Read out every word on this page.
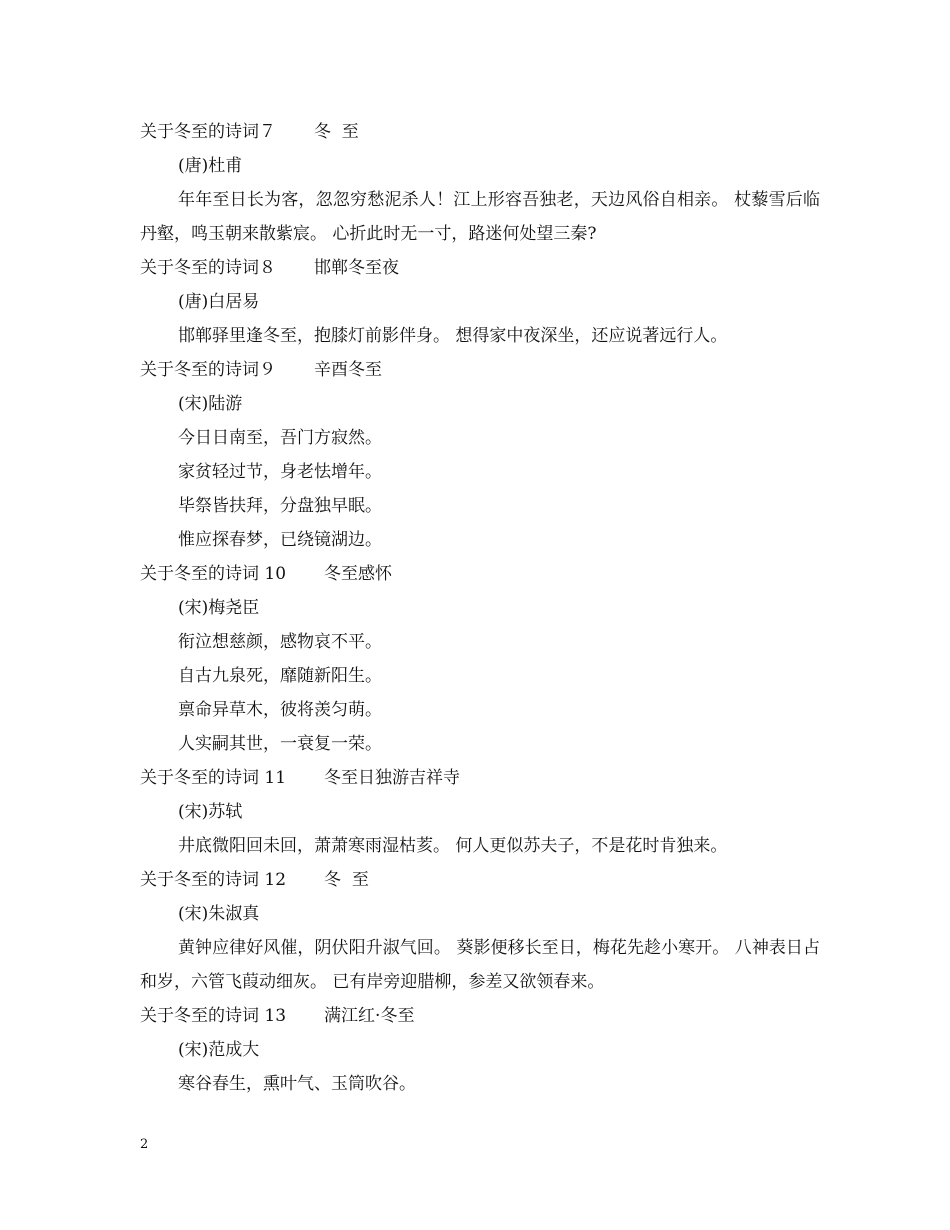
关于冬至的诗词７ 冬  至
(唐)杜甫
年年至日长为客，忽忽穷愁泥杀人！江上形容吾独老，天边风俗自相亲。 杖藜雪后临丹壑，鸣玉朝来散紫宸。 心折此时无一寸，路迷何处望三秦?
关于冬至的诗词８ 邯郸冬至夜
(唐)白居易
邯郸驿里逢冬至，抱膝灯前影伴身。 想得家中夜深坐，还应说著远行人。
关于冬至的诗词９ 辛酉冬至
(宋)陆游
今日日南至，吾门方寂然。
家贫轻过节，身老怯增年。
毕祭皆扶拜，分盘独早眠。
惟应探春梦，已绕镜湖边。
关于冬至的诗词 10 冬至感怀
(宋)梅尧臣
衔泣想慈颜，感物哀不平。
自古九泉死，靡随新阳生。
禀命异草木，彼将羡匀萌。
人实嗣其世，一衰复一荣。
关于冬至的诗词 11 冬至日独游吉祥寺
(宋)苏轼
井底微阳回未回，萧萧寒雨湿枯荄。 何人更似苏夫子，不是花时肯独来。
关于冬至的诗词 12 冬  至
(宋)朱淑真
黄钟应律好风催，阴伏阳升淑气回。 葵影便移长至日，梅花先趁小寒开。 八神表日占和岁，六管飞葭动细灰。 已有岸旁迎腊柳，参差又欲领春来。
关于冬至的诗词 13 满江红·冬至
(宋)范成大
寒谷春生，熏叶气、玉筒吹谷。
2
